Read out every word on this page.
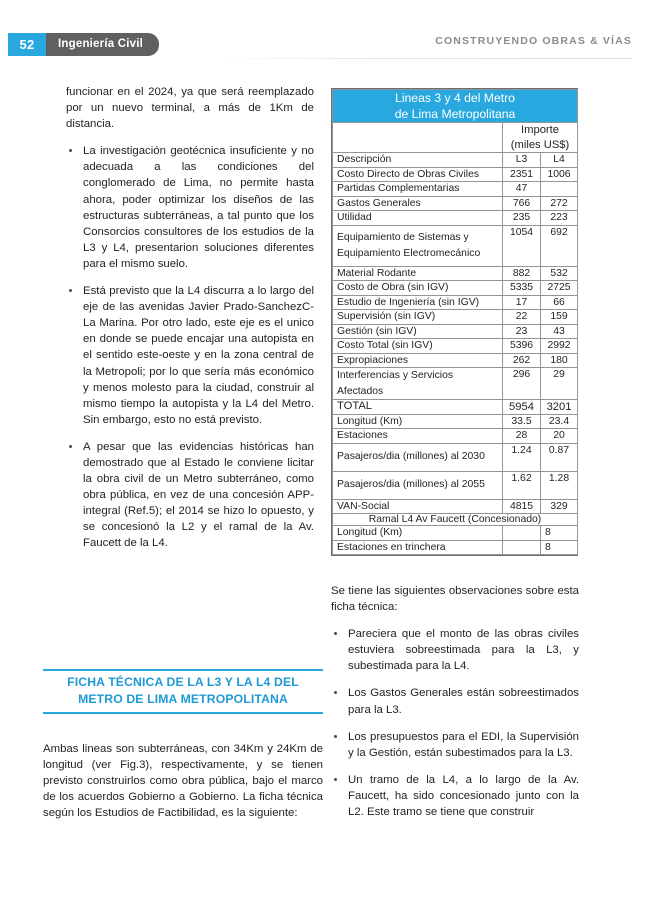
52	Ingeniería Civil	CONSTRUYENDO OBRAS & VÍAS

funcionar en el 2024, ya que será reemplazado por un nuevo terminal, a más de 1Km de distancia.

La investigación geotécnica insuficiente y no adecuada a las condiciones del conglomerado de Lima, no permite hasta ahora, poder optimizar los diseños de las estructuras subterráneas, a tal punto que los Consorcios consultores de los estudios de la L3 y L4, presentarion soluciones diferentes para el mismo suelo.
Está previsto que la L4 discurra a lo largo del eje de las avenidas Javier Prado-SanchezC-La Marina. Por otro lado, este eje es el unico en donde se puede encajar una autopista en el sentido este-oeste y en la zona central de la Metropoli; por lo que sería más económico y menos molesto para la ciudad, construir al mismo tiempo la autopista y la L4 del Metro. Sin embargo, esto no está previsto.
A pesar que las evidencias históricas han demostrado que al Estado le conviene licitar la obra civil de un Metro subterráneo, como obra pública, en vez de una concesión APP-integral (Ref.5); el 2014 se hizo lo opuesto, y se concesionó la L2 y el ramal de la Av. Faucett de la L4.
FICHA TÉCNICA DE LA L3 Y LA L4 DEL
METRO DE LIMA METROPOLITANA

Ambas lineas son subterráneas, con 34Km y 24Km de longitud (ver Fig.3), respectivamente, y se tienen previsto construirlos como obra pública, bajo el marco de los acuerdos Gobierno a Gobierno. La ficha técnica según los Estudios de Factibilidad, es la siguiente:

Lineas 3 y 4 del Metro
de Lima Metropolitana		

	Importe
(miles US$)	

Descripción	L3	L4
Costo Directo de Obras Civiles	2351	1006
Partidas Complementarias	47	
Gastos Generales	766	272
Utilidad	235	223
Equipamiento de Sistemas y Equipamiento Electromecánico	1054	692
Material Rodante	882	532
Costo de Obra (sin IGV)	5335	2725
Estudio de Ingeniería (sin IGV)	17	66
Supervisión (sin IGV)	22	159
Gestión (sin IGV)	23	43
Costo Total (sin IGV)	5396	2992
Expropiaciones	262	180
Interferencias y Servicios Afectados	296	29
TOTAL	5954	3201
Longitud (Km)	33.5	23.4
Estaciones	28	20
Pasajeros/dia (millones) al 2030	1.24	0.87
Pasajeros/dia (millones) al 2055	1.62	1.28
VAN-Social	4815	329
Ramal L4 Av Faucett (Concesionado)		
Longitud (Km)		8
Estaciones en trinchera		8

Se tiene las siguientes observaciones sobre esta ficha técnica:

Pareciera que el monto de las obras civiles estuviera sobreestimada para la L3, y subestimada para la L4.
Los Gastos Generales están sobreestimados para la L3.
Los presupuestos para el EDI, la Supervisión y la Gestión, están subestimados para la L3.
Un tramo de la L4, a lo largo de la Av. Faucett, ha sido concesionado junto con la L2. Este tramo se tiene que construir
